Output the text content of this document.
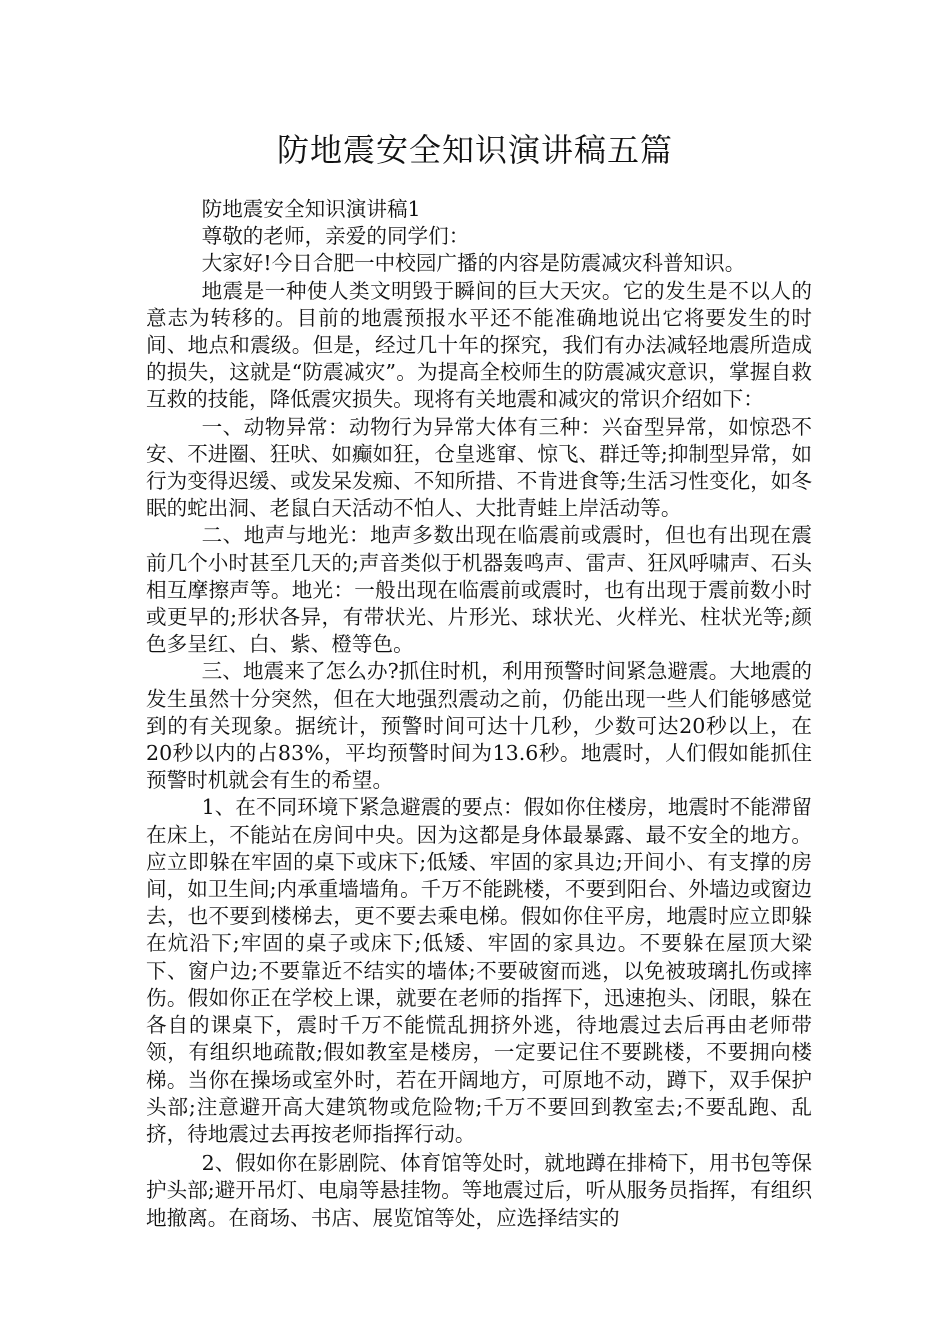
防地震安全知识演讲稿五篇

防地震安全知识演讲稿1

尊敬的老师，亲爱的同学们：

大家好!今日合肥一中校园广播的内容是防震减灾科普知识。

地震是一种使人类文明毁于瞬间的巨大天灾。它的发生是不以人的意志为转移的。目前的地震预报水平还不能准确地说出它将要发生的时间、地点和震级。但是，经过几十年的探究，我们有办法减轻地震所造成的损失，这就是“防震减灾”。为提高全校师生的防震减灾意识，掌握自救互救的技能，降低震灾损失。现将有关地震和减灾的常识介绍如下：

一、动物异常：动物行为异常大体有三种：兴奋型异常，如惊恐不安、不进圈、狂吠、如癫如狂，仓皇逃窜、惊飞、群迁等;抑制型异常，如行为变得迟缓、或发呆发痴、不知所措、不肯进食等;生活习性变化，如冬眠的蛇出洞、老鼠白天活动不怕人、大批青蛙上岸活动等。

二、地声与地光：地声多数出现在临震前或震时，但也有出现在震前几个小时甚至几天的;声音类似于机器轰鸣声、雷声、狂风呼啸声、石头相互摩擦声等。地光：一般出现在临震前或震时，也有出现于震前数小时或更早的;形状各异，有带状光、片形光、球状光、火样光、柱状光等;颜色多呈红、白、紫、橙等色。

三、地震来了怎么办?抓住时机，利用预警时间紧急避震。大地震的发生虽然十分突然，但在大地强烈震动之前，仍能出现一些人们能够感觉到的有关现象。据统计，预警时间可达十几秒，少数可达20秒以上，在20秒以内的占83%，平均预警时间为13.6秒。地震时，人们假如能抓住预警时机就会有生的希望。

1、在不同环境下紧急避震的要点：假如你住楼房，地震时不能滞留在床上，不能站在房间中央。因为这都是身体最暴露、最不安全的地方。应立即躲在牢固的桌下或床下;低矮、牢固的家具边;开间小、有支撑的房间，如卫生间;内承重墙墙角。千万不能跳楼，不要到阳台、外墙边或窗边去，也不要到楼梯去，更不要去乘电梯。假如你住平房，地震时应立即躲在炕沿下;牢固的桌子或床下;低矮、牢固的家具边。不要躲在屋顶大梁下、窗户边;不要靠近不结实的墙体;不要破窗而逃，以免被玻璃扎伤或摔伤。假如你正在学校上课，就要在老师的指挥下，迅速抱头、闭眼，躲在各自的课桌下，震时千万不能慌乱拥挤外逃，待地震过去后再由老师带领，有组织地疏散;假如教室是楼房，一定要记住不要跳楼，不要拥向楼梯。当你在操场或室外时，若在开阔地方，可原地不动，蹲下，双手保护头部;注意避开高大建筑物或危险物;千万不要回到教室去;不要乱跑、乱挤，待地震过去再按老师指挥行动。

2、假如你在影剧院、体育馆等处时，就地蹲在排椅下，用书包等保护头部;避开吊灯、电扇等悬挂物。等地震过后，听从服务员指挥，有组织地撤离。在商场、书店、展览馆等处，应选择结实的
